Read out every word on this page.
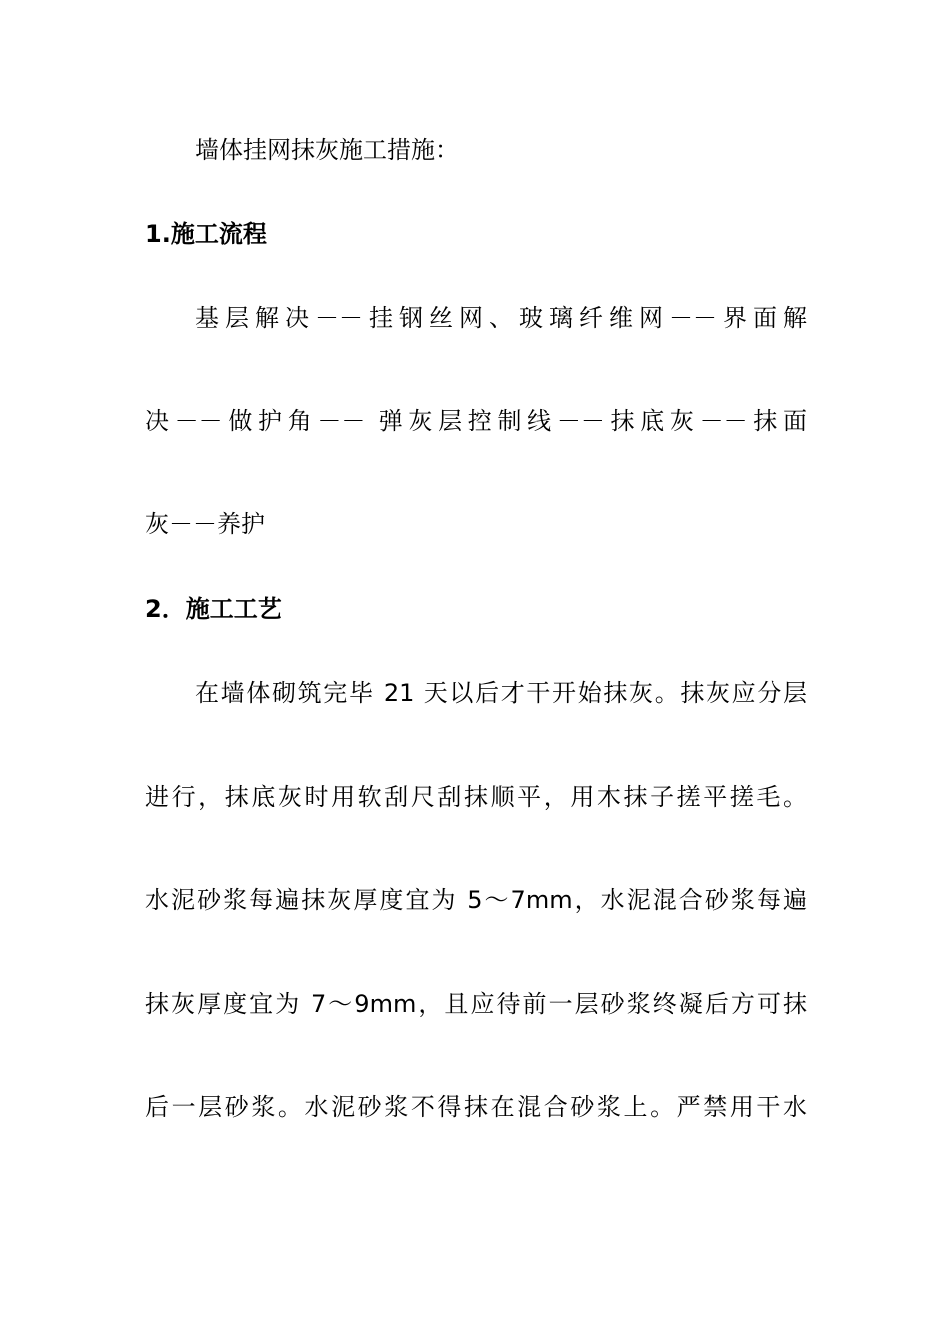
墙体挂网抹灰施工措施：
1.施工流程
基层解决－－挂钢丝网、玻璃纤维网－－界面解
决－－做护角－－ 弹灰层控制线－－抹底灰－－抹面
灰－－养护
2．施工工艺
在墙体砌筑完毕 21 天以后才干开始抹灰。抹灰应分层
进行，抹底灰时用软刮尺刮抹顺平，用木抹子搓平搓毛。
水泥砂浆每遍抹灰厚度宜为 5～7mm，水泥混合砂浆每遍
抹灰厚度宜为 7～9mm，且应待前一层砂浆终凝后方可抹
后一层砂浆。水泥砂浆不得抹在混合砂浆上。严禁用干水
